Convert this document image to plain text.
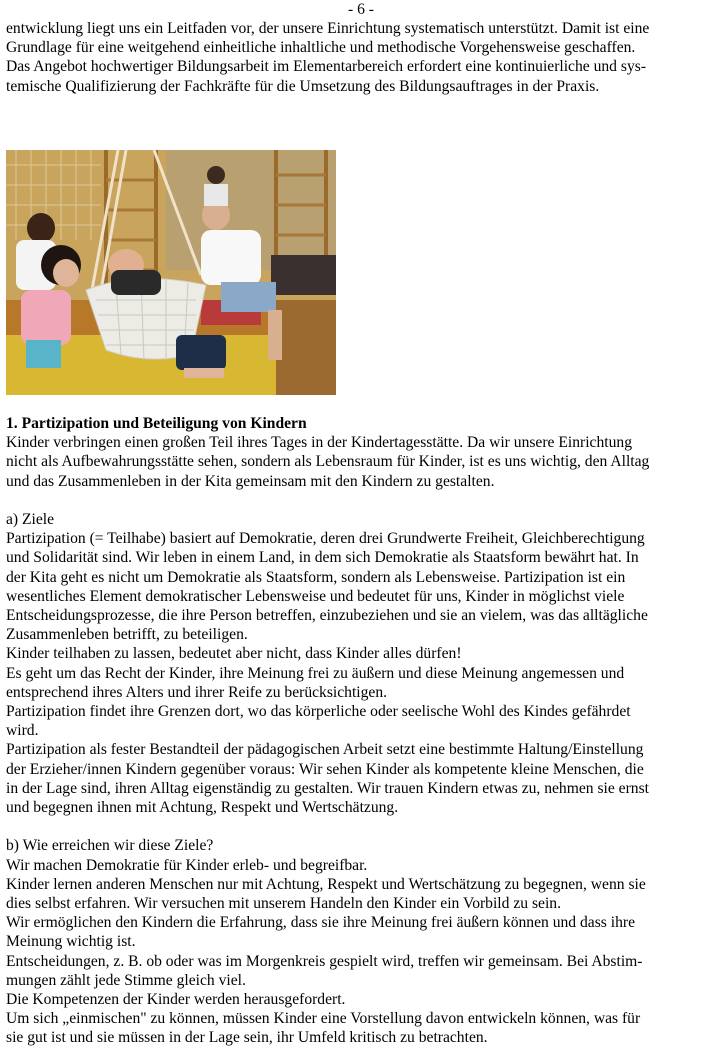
- 6 -

entwicklung liegt uns ein Leitfaden vor, der unsere Einrichtung systematisch unterstützt. Damit ist eine

Grundlage für eine weitgehend einheitliche inhaltliche und methodische Vorgehensweise geschaffen.

Das Angebot hochwertiger Bildungsarbeit im Elementarbereich erfordert eine kontinuierliche und sys-

temische Qualifizierung der Fachkräfte für die Umsetzung des Bildungsauftrages in der Praxis.

1. Partizipation und Beteiligung von Kindern

Kinder verbringen einen großen Teil ihres Tages in der Kindertagesstätte. Da wir unsere Einrichtung

nicht als Aufbewahrungsstätte sehen, sondern als Lebensraum für Kinder, ist es uns wichtig, den Alltag

und das Zusammenleben in der Kita gemeinsam mit den Kindern zu gestalten.

a) Ziele

Partizipation (= Teilhabe) basiert auf Demokratie, deren drei Grundwerte Freiheit, Gleichberechtigung

und Solidarität sind. Wir leben in einem Land, in dem sich Demokratie als Staatsform bewährt hat. In

der Kita geht es nicht um Demokratie als Staatsform, sondern als Lebensweise. Partizipation ist ein

wesentliches Element demokratischer Lebensweise und bedeutet für uns, Kinder in möglichst viele

Entscheidungsprozesse, die ihre Person betreffen, einzubeziehen und sie an vielem, was das alltägliche

Zusammenleben betrifft, zu beteiligen.

Kinder teilhaben zu lassen, bedeutet aber nicht, dass Kinder alles dürfen!

Es geht um das Recht der Kinder, ihre Meinung frei zu äußern und diese Meinung angemessen und

entsprechend ihres Alters und ihrer Reife zu berücksichtigen.

Partizipation findet ihre Grenzen dort, wo das körperliche oder seelische Wohl des Kindes gefährdet

wird.

Partizipation als fester Bestandteil der pädagogischen Arbeit setzt eine bestimmte Haltung/Einstellung

der Erzieher/innen Kindern gegenüber voraus: Wir sehen Kinder als kompetente kleine Menschen, die

in der Lage sind, ihren Alltag eigenständig zu gestalten. Wir trauen Kindern etwas zu, nehmen sie ernst

und begegnen ihnen mit Achtung, Respekt und Wertschätzung.

b) Wie erreichen wir diese Ziele?

Wir machen Demokratie für Kinder erleb- und begreifbar.

Kinder lernen anderen Menschen nur mit Achtung, Respekt und Wertschätzung zu begegnen, wenn sie

dies selbst erfahren. Wir versuchen mit unserem Handeln den Kinder ein Vorbild zu sein.

Wir ermöglichen den Kindern die Erfahrung, dass sie ihre Meinung frei äußern können und dass ihre

Meinung wichtig ist.

Entscheidungen, z. B. ob oder was im Morgenkreis gespielt wird, treffen wir gemeinsam. Bei Abstim-

mungen zählt jede Stimme gleich viel.

Die Kompetenzen der Kinder werden herausgefordert.

Um sich „einmischen" zu können, müssen Kinder eine Vorstellung davon entwickeln können, was für

sie gut ist und sie müssen in der Lage sein, ihr Umfeld kritisch zu betrachten.
